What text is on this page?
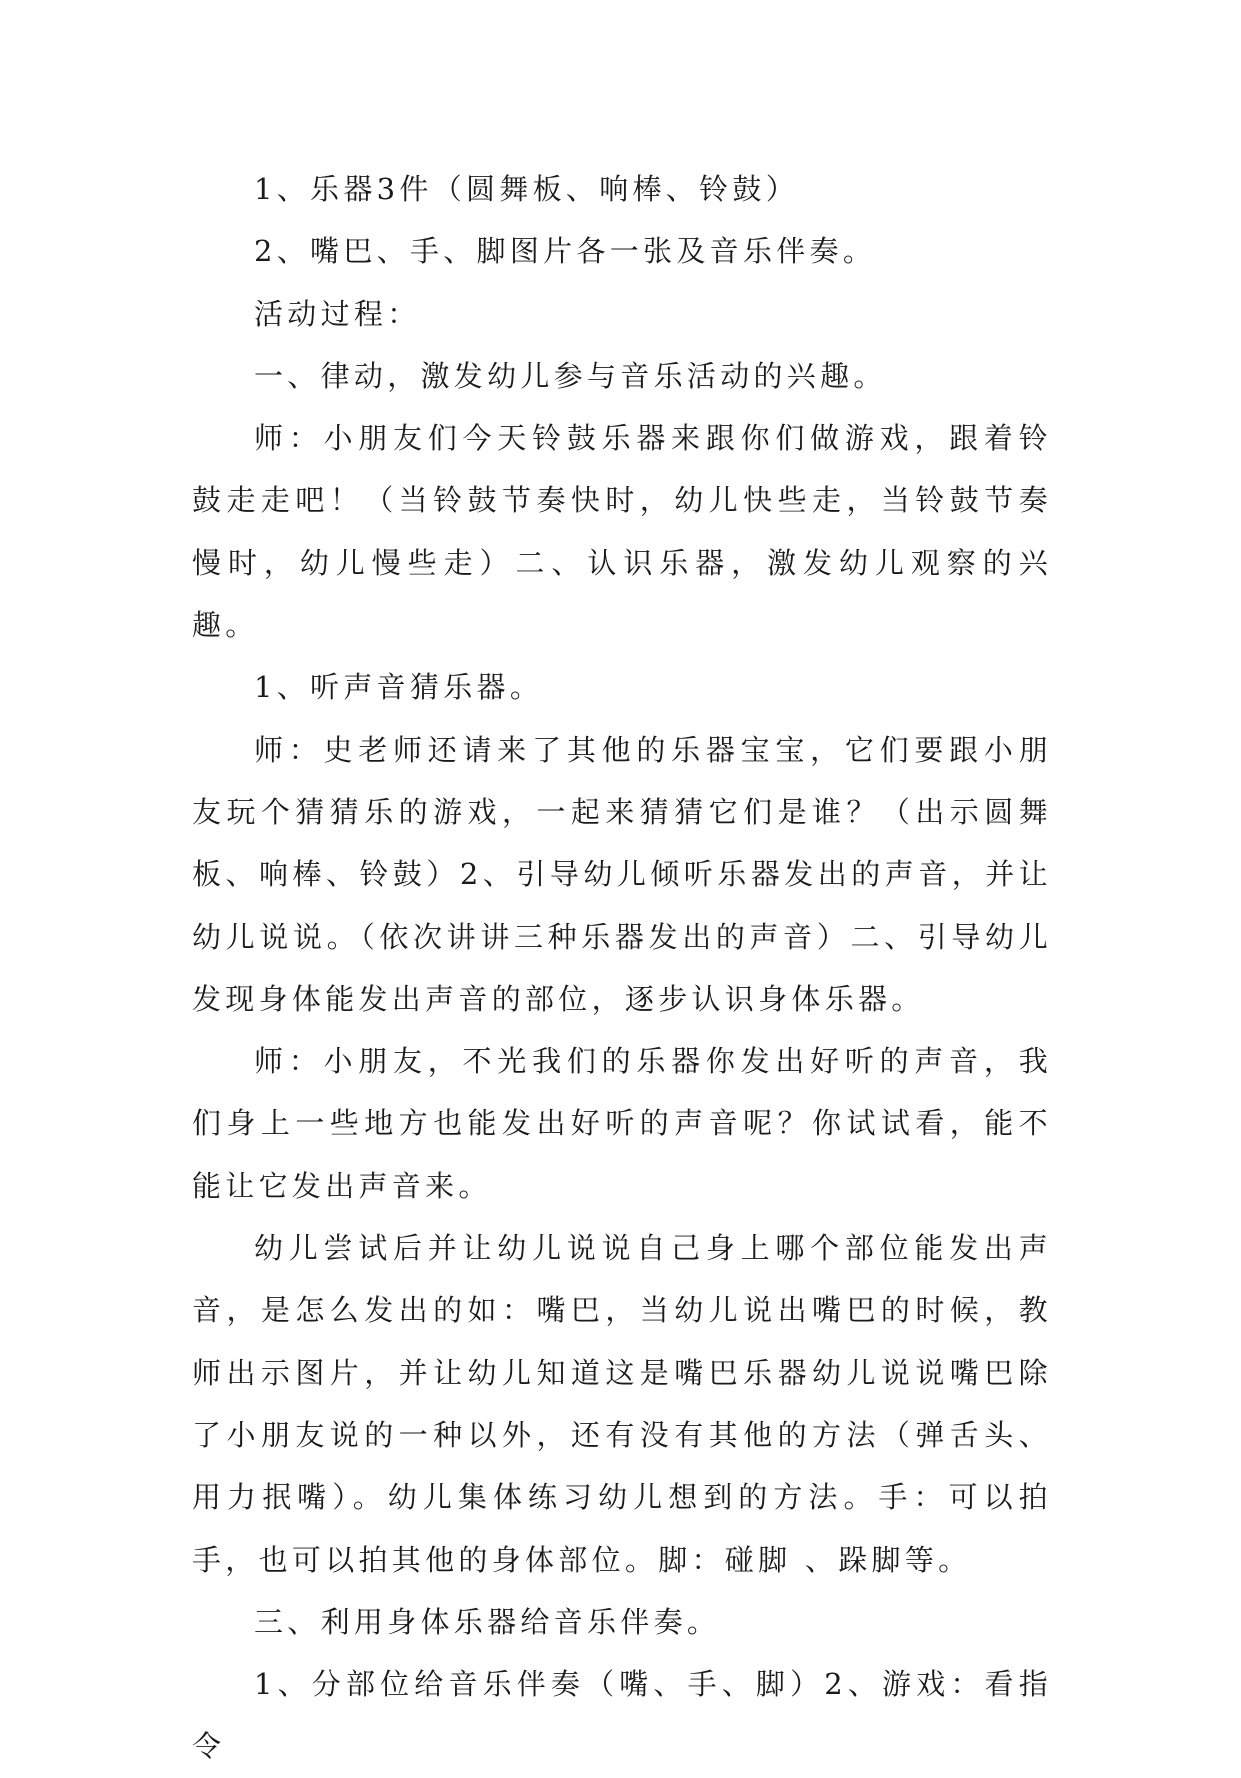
1、乐器3件（圆舞板、响棒、铃鼓）

2、嘴巴、手、脚图片各一张及音乐伴奏。

活动过程：

一、律动，激发幼儿参与音乐活动的兴趣。

师：小朋友们今天铃鼓乐器来跟你们做游戏，跟着铃鼓走走吧！（当铃鼓节奏快时，幼儿快些走，当铃鼓节奏慢时，幼儿慢些走）二、认识乐器，激发幼儿观察的兴趣。

1、听声音猜乐器。

师：史老师还请来了其他的乐器宝宝，它们要跟小朋友玩个猜猜乐的游戏，一起来猜猜它们是谁？（出示圆舞板、响棒、铃鼓）2、引导幼儿倾听乐器发出的声音，并让幼儿说说。（依次讲讲三种乐器发出的声音）二、引导幼儿发现身体能发出声音的部位，逐步认识身体乐器。

师：小朋友，不光我们的乐器你发出好听的声音，我们身上一些地方也能发出好听的声音呢？你试试看，能不能让它发出声音来。

幼儿尝试后并让幼儿说说自己身上哪个部位能发出声音，是怎么发出的如：嘴巴，当幼儿说出嘴巴的时候，教师出示图片，并让幼儿知道这是嘴巴乐器幼儿说说嘴巴除了小朋友说的一种以外，还有没有其他的方法（弹舌头、用力抿嘴）。幼儿集体练习幼儿想到的方法。手：可以拍手，也可以拍其他的身体部位。脚：碰脚 、跺脚等。

三、利用身体乐器给音乐伴奏。

1、分部位给音乐伴奏（嘴、手、脚）2、游戏：看指令
